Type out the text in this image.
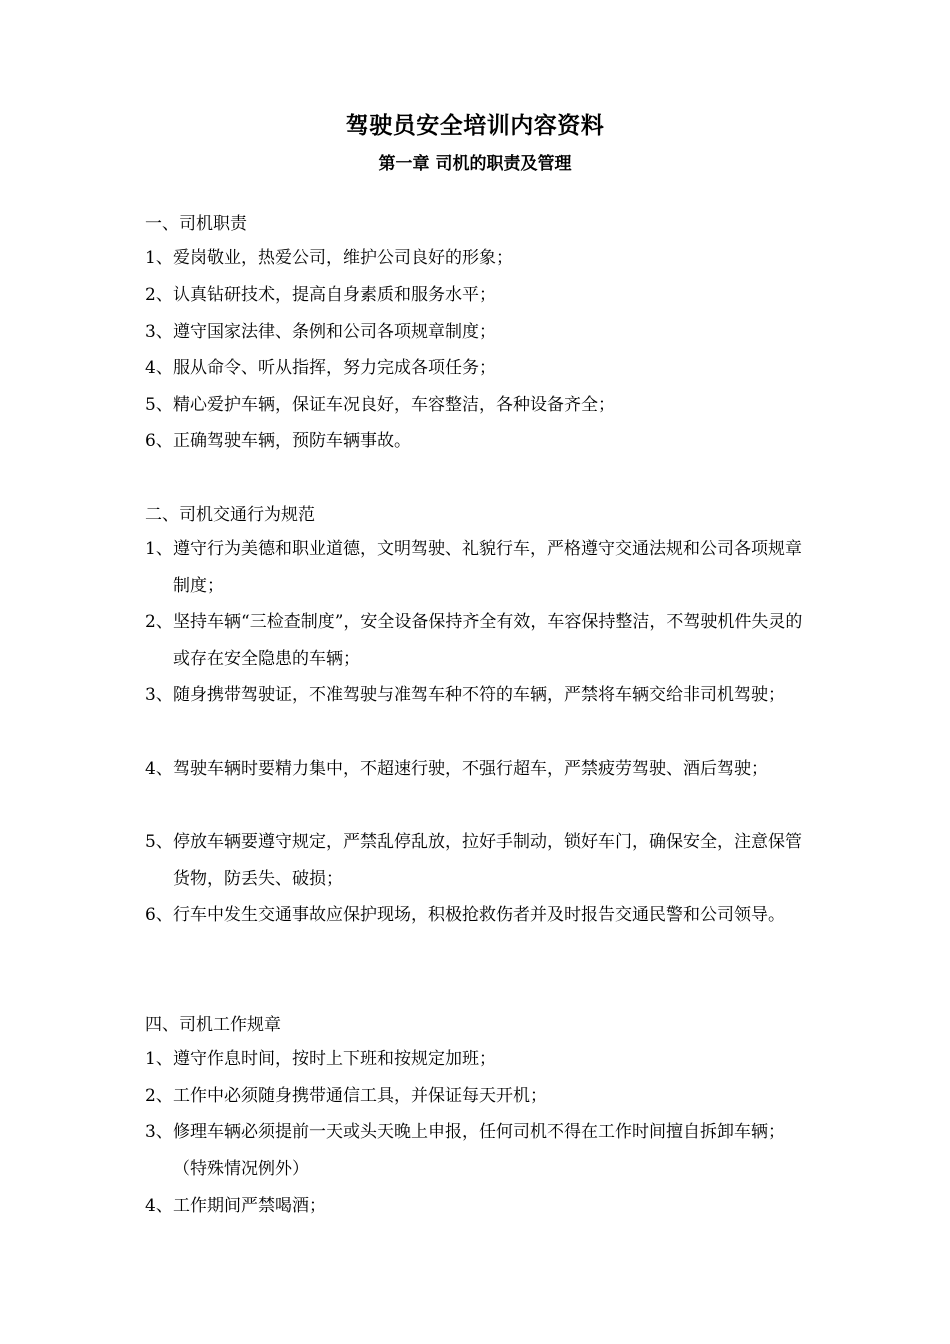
驾驶员安全培训内容资料
第一章 司机的职责及管理
一、司机职责
1、 爱岗敬业，热爱公司，维护公司良好的形象；
2、 认真钻研技术，提高自身素质和服务水平；
3、 遵守国家法律、条例和公司各项规章制度；
4、 服从命令、听从指挥，努力完成各项任务；
5、 精心爱护车辆，保证车况良好，车容整洁，各种设备齐全；
6、 正确驾驶车辆，预防车辆事故。
二、司机交通行为规范
1、 遵守行为美德和职业道德，文明驾驶、礼貌行车，严格遵守交通法规和公司各项规章制度；
2、 坚持车辆“三检查制度”，安全设备保持齐全有效，车容保持整洁，不驾驶机件失灵的或存在安全隐患的车辆；
3、 随身携带驾驶证，不准驾驶与准驾车种不符的车辆，严禁将车辆交给非司机驾驶；
4、 驾驶车辆时要精力集中，不超速行驶，不强行超车，严禁疲劳驾驶、酒后驾驶；
5、 停放车辆要遵守规定，严禁乱停乱放，拉好手制动，锁好车门，确保安全，注意保管货物，防丢失、破损；
6、 行车中发生交通事故应保护现场，积极抢救伤者并及时报告交通民警和公司领导。
四、司机工作规章
1、 遵守作息时间，按时上下班和按规定加班；
2、 工作中必须随身携带通信工具，并保证每天开机；
3、 修理车辆必须提前一天或头天晚上申报，任何司机不得在工作时间擅自拆卸车辆；（特殊情况例外）
4、 工作期间严禁喝酒；
